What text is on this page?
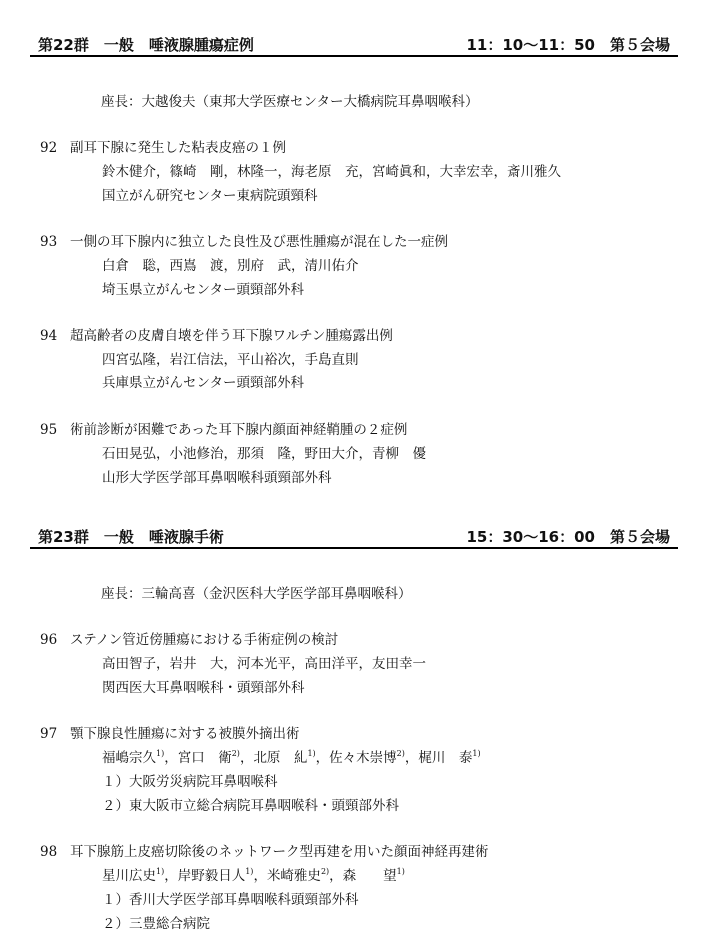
第22群　一般　唾液腺腫瘍症例	11：10〜11：50　第５会場
座長：大越俊夫（東邦大学医療センター大橋病院耳鼻咽喉科）
92 副耳下腺に発生した粘表皮癌の１例
鈴木健介，篠崎　剛，林隆一，海老原　充，宮崎眞和，大幸宏幸，斎川雅久
国立がん研究センター東病院頭頸科
93 一側の耳下腺内に独立した良性及び悪性腫瘍が混在した一症例
白倉　聡，西嶌　渡，別府　武，清川佑介
埼玉県立がんセンター頭頸部外科
94 超高齢者の皮膚自壊を伴う耳下腺ワルチン腫瘍露出例
四宮弘隆，岩江信法，平山裕次，手島直則
兵庫県立がんセンター頭頸部外科
95 術前診断が困難であった耳下腺内顔面神経鞘腫の２症例
石田晃弘，小池修治，那須　隆，野田大介，青柳　優
山形大学医学部耳鼻咽喉科頭頸部外科
第23群　一般　唾液腺手術	15：30〜16：00　第５会場
座長：三輪高喜（金沢医科大学医学部耳鼻咽喉科）
96 ステノン管近傍腫瘍における手術症例の検討
高田智子，岩井　大，河本光平，高田洋平，友田幸一
関西医大耳鼻咽喉科・頭頸部外科
97 顎下腺良性腫瘍に対する被膜外摘出術
福嶋宗久$^{1)}$，宮口　衛$^{2)}$，北原　糺$^{1)}$，佐々木崇博$^{2)}$，梶川　泰$^{1)}$
１）大阪労災病院耳鼻咽喉科
２）東大阪市立総合病院耳鼻咽喉科・頭頸部外科
98 耳下腺筋上皮癌切除後のネットワーク型再建を用いた顔面神経再建術
星川広史$^{1)}$，岸野毅日人$^{1)}$，米崎雅史$^{2)}$，森　　望$^{1)}$
１）香川大学医学部耳鼻咽喉科頭頸部外科
２）三豊総合病院
